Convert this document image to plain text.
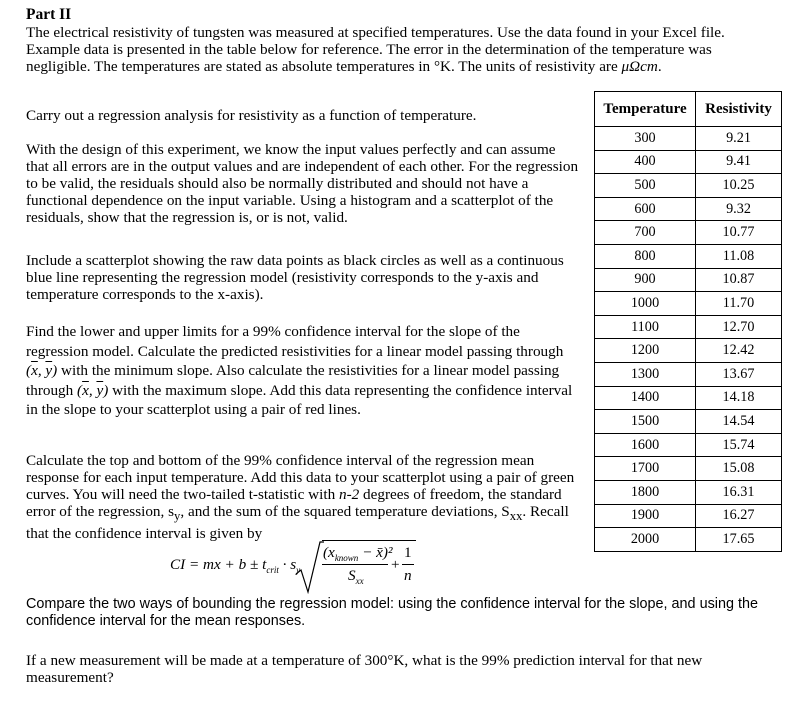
Part II
The electrical resistivity of tungsten was measured at specified temperatures. Use the data found in your Excel file. Example data is presented in the table below for reference. The error in the determination of the temperature was negligible. The temperatures are stated as absolute temperatures in °K. The units of resistivity are μΩcm.
Carry out a regression analysis for resistivity as a function of temperature.
With the design of this experiment, we know the input values perfectly and can assume that all errors are in the output values and are independent of each other. For the regression to be valid, the residuals should also be normally distributed and should not have a functional dependence on the input variable. Using a histogram and a scatterplot of the residuals, show that the regression is, or is not, valid.
Include a scatterplot showing the raw data points as black circles as well as a continuous blue line representing the regression model (resistivity corresponds to the y-axis and temperature corresponds to the x-axis).
Find the lower and upper limits for a 99% confidence interval for the slope of the regression model. Calculate the predicted resistivities for a linear model passing through ($\overline{x}$, $\overline{y}$) with the minimum slope. Also calculate the resistivities for a linear model passing through ($\overline{x}$, $\overline{y}$) with the maximum slope. Add this data representing the confidence interval in the slope to your scatterplot using a pair of red lines.
Calculate the top and bottom of the 99% confidence interval of the regression mean response for each input temperature. Add this data to your scatterplot using a pair of green curves. You will need the two-tailed t-statistic with n-2 degrees of freedom, the standard error of the regression, $s_y$, and the sum of the squared temperature deviations, $S_{xx}$. Recall that the confidence interval is given by
CI = mx + $b \pm t_{crit} \cdot s_y$
($x_{known}$ − x̄)²
$S_{xx}$
+
1
n
Compare the two ways of bounding the regression model: using the confidence interval for the slope, and using the confidence interval for the mean responses.
If a new measurement will be made at a temperature of 300°K, what is the 99% prediction interval for that new measurement?
Temperature	Resistivity
300	9.21
400	9.41
500	10.25
600	9.32
700	10.77
800	11.08
900	10.87
1000	11.70
1100	12.70
1200	12.42
1300	13.67
1400	14.18
1500	14.54
1600	15.74
1700	15.08
1800	16.31
1900	16.27
2000	17.65
